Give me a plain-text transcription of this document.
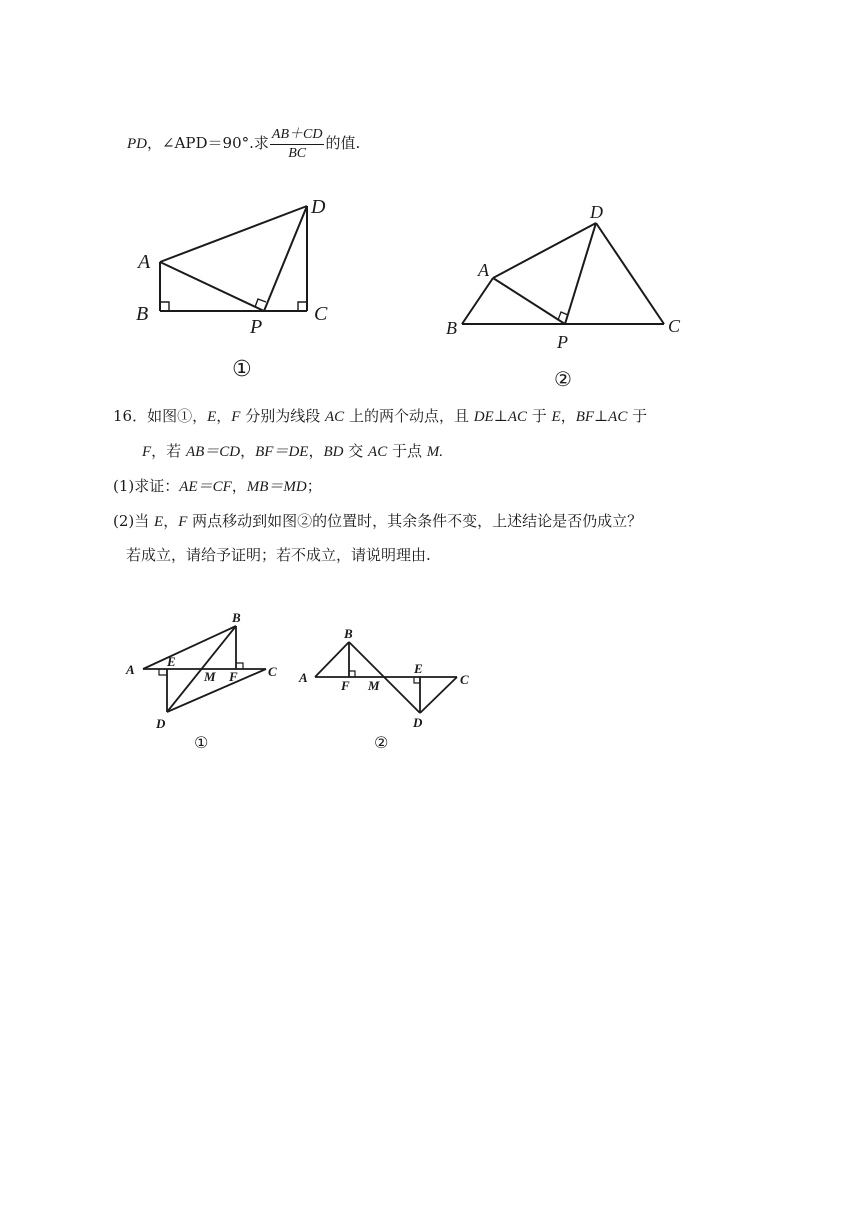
PD，∠APD＝90°.求 $\frac{AB+CD}{BC}$ 的值.
A
B	C
D
P
①
A
B	C
D
P
②
16．如图①，E，F 分别为线段 AC 上的两个动点，且 DE⊥AC 于 E，BF⊥AC 于
F，若 AB＝CD，BF＝DE，BD 交 AC 于点 M.
(1)求证：AE＝CF，MB＝MD；
(2)当 E，F 两点移动到如图②的位置时，其余条件不变，上述结论是否仍成立？
若成立，请给予证明；若不成立，请说明理由.
A
B
C
D
E
F
M
①
A
B
C
D
E
F M
②
